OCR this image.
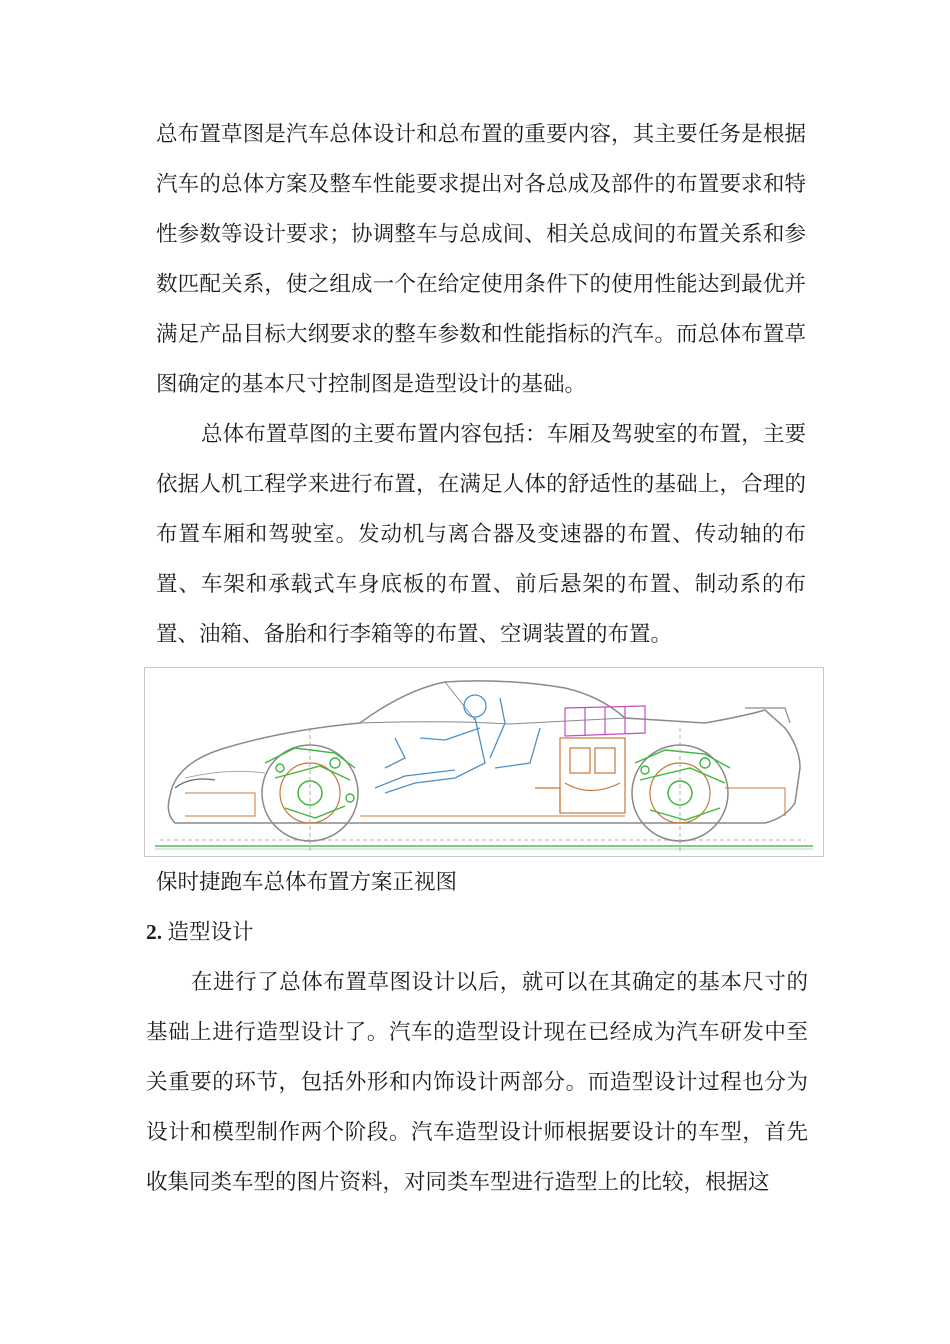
总布置草图是汽车总体设计和总布置的重要内容，其主要任务是根据汽车的总体方案及整车性能要求提出对各总成及部件的布置要求和特性参数等设计要求；协调整车与总成间、相关总成间的布置关系和参数匹配关系，使之组成一个在给定使用条件下的使用性能达到最优并满足产品目标大纲要求的整车参数和性能指标的汽车。而总体布置草图确定的基本尺寸控制图是造型设计的基础。

总体布置草图的主要布置内容包括：车厢及驾驶室的布置，主要依据人机工程学来进行布置，在满足人体的舒适性的基础上，合理的布置车厢和驾驶室。发动机与离合器及变速器的布置、传动轴的布置、车架和承载式车身底板的布置、前后悬架的布置、制动系的布置、油箱、备胎和行李箱等的布置、空调装置的布置。

保时捷跑车总体布置方案正视图

2. 造型设计

在进行了总体布置草图设计以后，就可以在其确定的基本尺寸的基础上进行造型设计了。汽车的造型设计现在已经成为汽车研发中至关重要的环节，包括外形和内饰设计两部分。而造型设计过程也分为设计和模型制作两个阶段。汽车造型设计师根据要设计的车型，首先收集同类车型的图片资料，对同类车型进行造型上的比较，根据这
